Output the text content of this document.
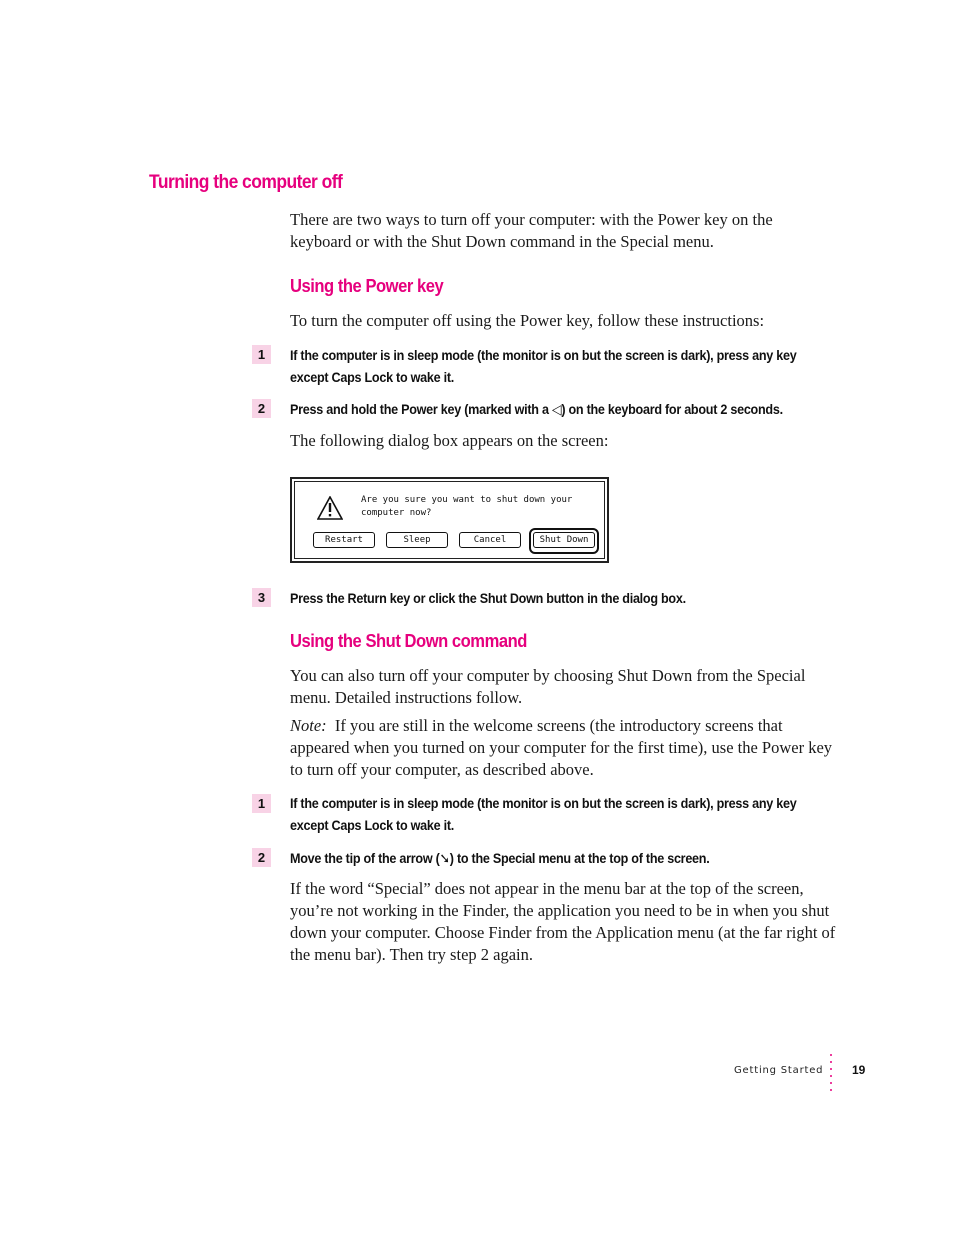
Turning the computer off
There are two ways to turn off your computer: with the Power key on the keyboard or with the Shut Down command in the Special menu.
Using the Power key
To turn the computer off using the Power key, follow these instructions:
1	If the computer is in sleep mode (the monitor is on but the screen is dark), press any key
except Caps Lock to wake it.
2	Press and hold the Power key (marked with a ◁) on the keyboard for about 2 seconds.
The following dialog box appears on the screen:
Are you sure you want to shut down your
computer now?
Restart	Sleep	Cancel	Shut Down
3	Press the Return key or click the Shut Down button in the dialog box.
Using the Shut Down command
You can also turn off your computer by choosing Shut Down from the Special menu. Detailed instructions follow.
Note: If you are still in the welcome screens (the introductory screens that appeared when you turned on your computer for the first time), use the Power key to turn off your computer, as described above.
1	If the computer is in sleep mode (the monitor is on but the screen is dark), press any key
except Caps Lock to wake it.
2	Move the tip of the arrow (➘) to the Special menu at the top of the screen.
If the word “Special” does not appear in the menu bar at the top of the screen, you’re not working in the Finder, the application you need to be in when you shut down your computer. Choose Finder from the Application menu (at the far right of the menu bar). Then try step 2 again.
Getting Started 19
